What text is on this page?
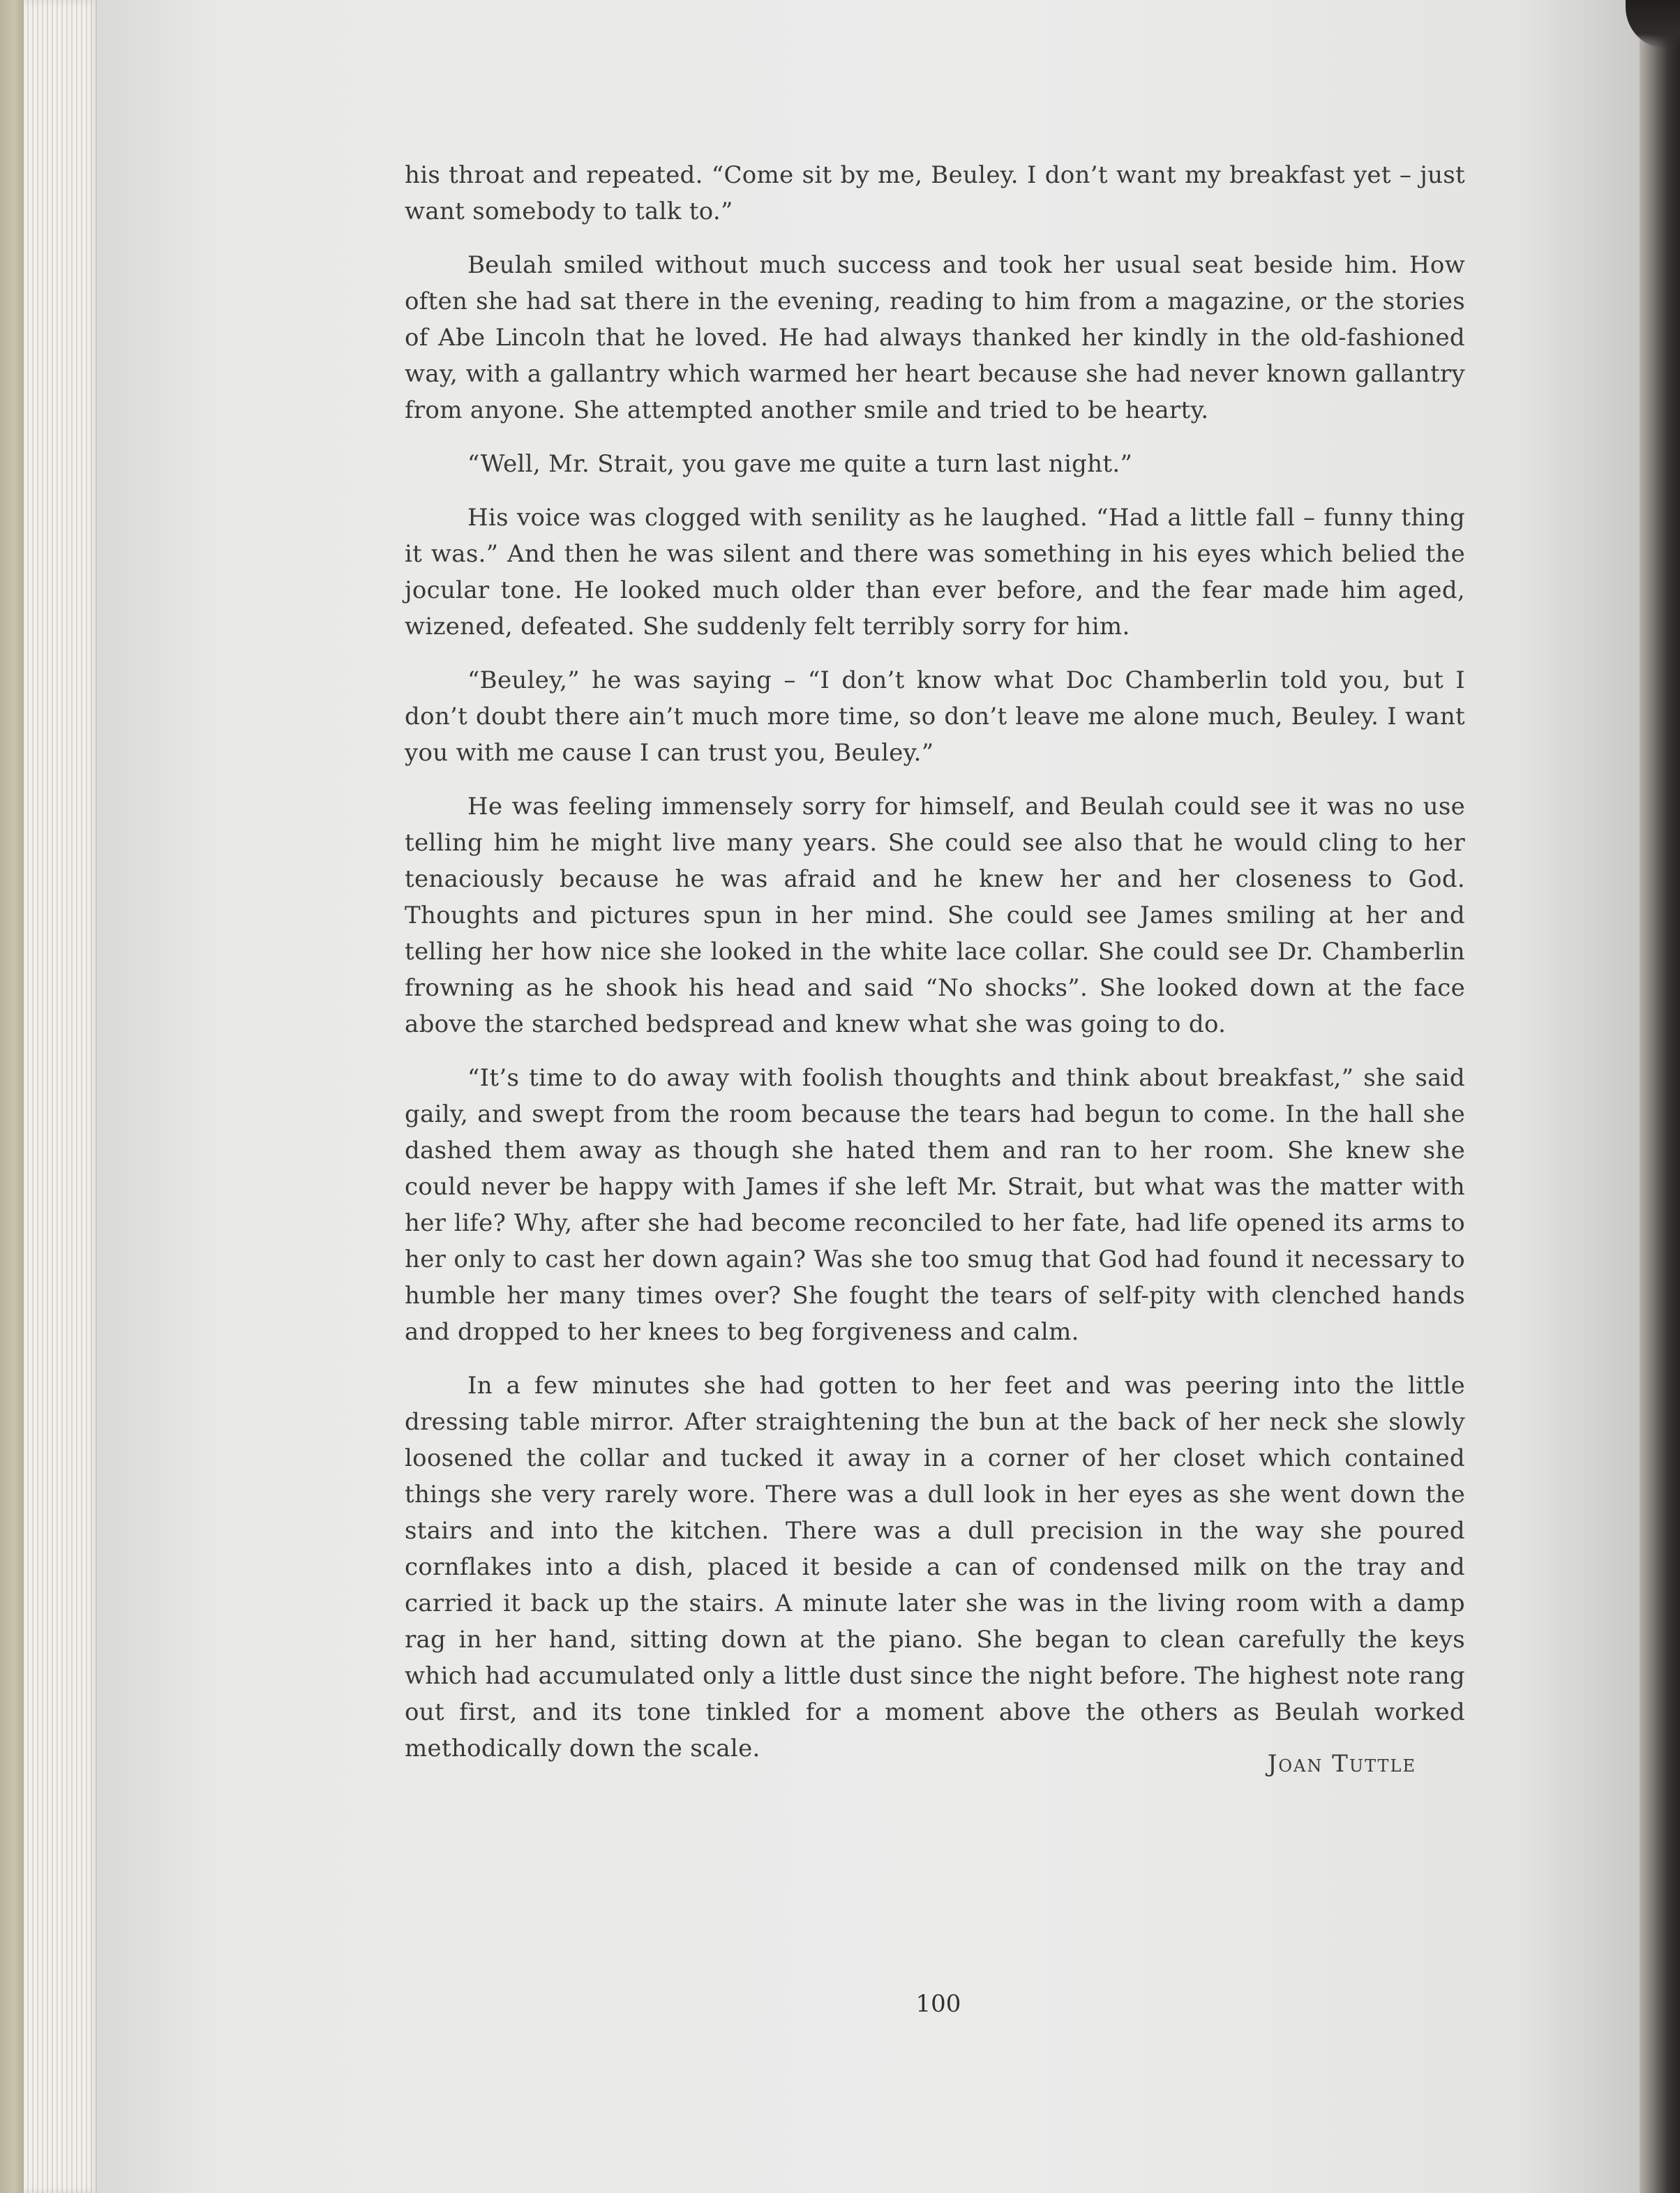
his throat and repeated. “Come sit by me, Beuley. I don’t want my breakfast yet – just want somebody to talk to.”

Beulah smiled without much success and took her usual seat beside him. How often she had sat there in the evening, reading to him from a magazine, or the stories of Abe Lincoln that he loved. He had always thanked her kindly in the old-fashioned way, with a gallantry which warmed her heart because she had never known gallantry from anyone. She attempted another smile and tried to be hearty.

“Well, Mr. Strait, you gave me quite a turn last night.”

His voice was clogged with senility as he laughed. “Had a little fall – funny thing it was.” And then he was silent and there was something in his eyes which belied the jocular tone. He looked much older than ever before, and the fear made him aged, wizened, defeated. She suddenly felt terribly sorry for him.

“Beuley,” he was saying – “I don’t know what Doc Chamberlin told you, but I don’t doubt there ain’t much more time, so don’t leave me alone much, Beuley. I want you with me cause I can trust you, Beuley.”

He was feeling immensely sorry for himself, and Beulah could see it was no use telling him he might live many years. She could see also that he would cling to her tenaciously because he was afraid and he knew her and her closeness to God. Thoughts and pictures spun in her mind. She could see James smiling at her and telling her how nice she looked in the white lace collar. She could see Dr. Chamberlin frowning as he shook his head and said “No shocks”. She looked down at the face above the starched bedspread and knew what she was going to do.

“It’s time to do away with foolish thoughts and think about breakfast,” she said gaily, and swept from the room because the tears had begun to come. In the hall she dashed them away as though she hated them and ran to her room. She knew she could never be happy with James if she left Mr. Strait, but what was the matter with her life? Why, after she had become reconciled to her fate, had life opened its arms to her only to cast her down again? Was she too smug that God had found it necessary to humble her many times over? She fought the tears of self-pity with clenched hands and dropped to her knees to beg forgiveness and calm.

In a few minutes she had gotten to her feet and was peering into the little dressing table mirror. After straightening the bun at the back of her neck she slowly loosened the collar and tucked it away in a corner of her closet which contained things she very rarely wore. There was a dull look in her eyes as she went down the stairs and into the kitchen. There was a dull precision in the way she poured cornflakes into a dish, placed it beside a can of condensed milk on the tray and carried it back up the stairs. A minute later she was in the living room with a damp rag in her hand, sitting down at the piano. She began to clean carefully the keys which had accumulated only a little dust since the night before. The highest note rang out first, and its tone tinkled for a moment above the others as Beulah worked methodically down the scale.

Joan Tuttle
100
